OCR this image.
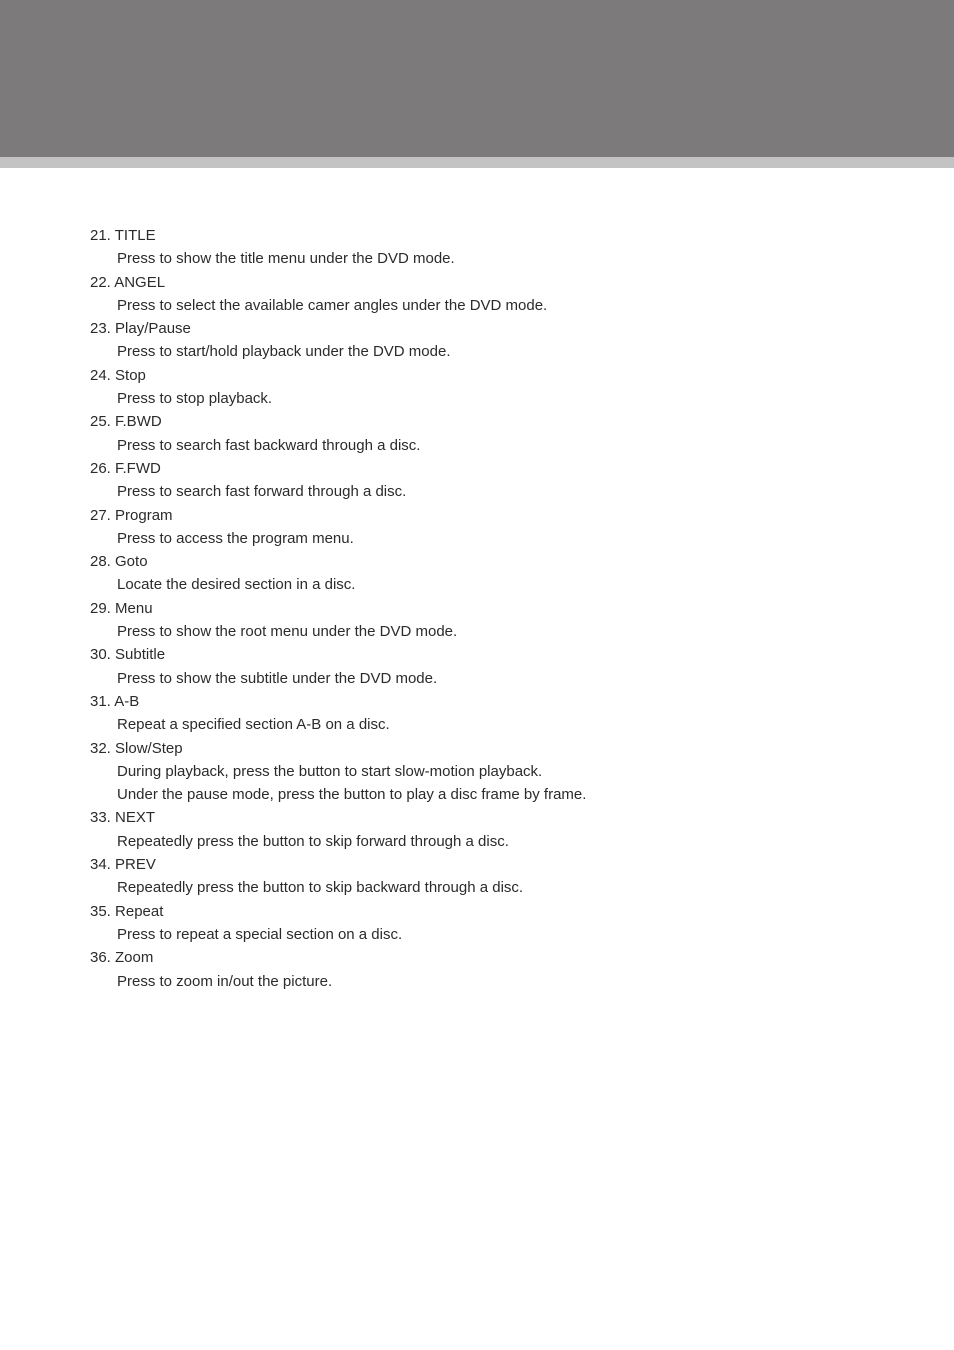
21. TITLE
Press to show the title menu under the DVD mode.
22. ANGEL
Press to select the available camer angles under the DVD mode.
23. Play/Pause
Press to start/hold playback under the DVD mode.
24. Stop
Press to stop playback.
25. F.BWD
Press to search fast backward through a disc.
26. F.FWD
Press to search fast forward through a disc.
27. Program
Press to access the program menu.
28. Goto
Locate the desired section in a disc.
29. Menu
Press to show the root menu under the DVD mode.
30. Subtitle
Press to show the subtitle under the DVD mode.
31. A-B
Repeat a specified section A-B on a disc.
32. Slow/Step
During playback, press the button to start slow-motion playback.
Under the pause mode, press the button to play a disc frame by frame.
33. NEXT
Repeatedly press the button to skip forward through a disc.
34. PREV
Repeatedly press the button to skip backward through a disc.
35. Repeat
Press to repeat a special section on a disc.
36. Zoom
Press to zoom in/out the picture.
